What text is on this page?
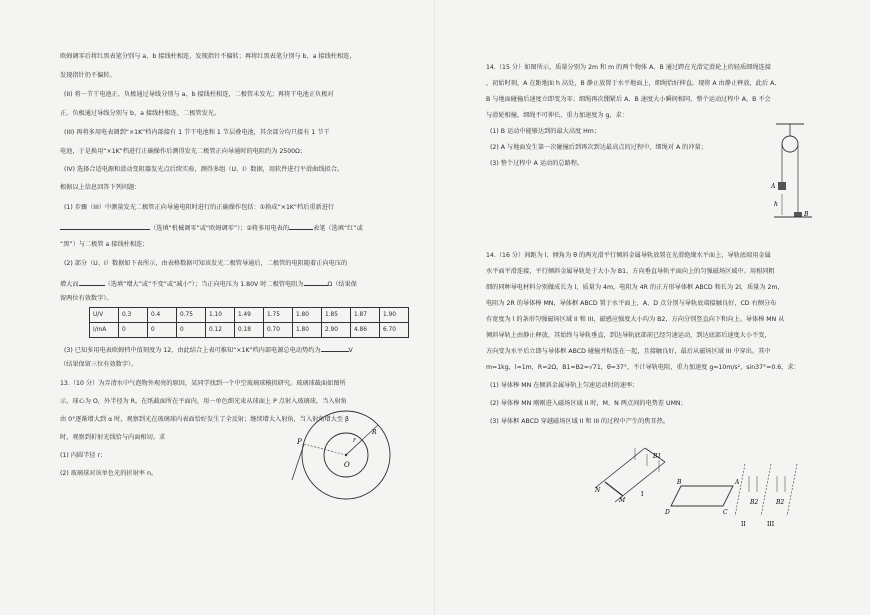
欧姆调零后将红黑表笔分别与 a、b 接线柱相连，发现指针不偏转；再将红黑表笔分别与 b、a 接线柱相连，
发现指针仍不偏转。
(II) 将一节干电池正、负极通过导线分别与 a、b 接线柱相连，二极管未发光；再将干电池正负极对
正、负极通过导线分别与 b、a 接线柱相连，二极管发光。
(III) 再将多用电表调到“×1K”档内部接有 1 节干电池和 1 节层叠电池，其余部分均只接有 1 节干
电池，于是换用“×1K”档进行正确操作后测得发光二极管正向导通时的电阻约为 2500Ω；
(IV) 选择合适电源和滑动变阻器发光点后续实验，测得多组（U、I）数据，用软件进行平滑曲线拟合。
根据以上信息回答下列问题：
(1) 步骤（III）中测量发光二极管正向导通电阻时进行的正确操作包括：①换成“×1K”档后重新进行
（选填“机械调零”或“欧姆调零”）；②将多用电表的	表笔（选填“红”或
“黑”）与二极管 a 接线柱相连；
(2) 部分（U、I）数据如下表所示，由表格数据可知该发光二极管导通后，二极管的电阻随着正向电压的
增大而	（选填“增大”或“不变”或“减小”）；当正向电压为 1.80V 时二极管电阻为	Ω（结果保
留两位有效数字）。
U/V	0.3	0.4	0.75	1.10	1.49	1.75	1.80	1.85	1.87	1.90
I/mA	0	0	0	0.12	0.18	0.70	1.80	2.90	4.86	6.70
(3) 已知多用电表欧姆档中值刻度为 12，由此结合上表可推知“×1K”档内部电源总电动势约为	V
（结果保留三位有效数字）。
13.（10 分）为弄清水中气泡物外观亮的原因，某同学找到一个中空玻璃球模拟研究。玻璃球截面如图所
示，球心为 O，外半径为 R。在纸截面所在平面内，用一单色细光束从球面上 P 点射入玻璃球，当入射角
由 0°逐渐增大到 α 时，观察到光在玻璃球内表面恰好发生了全反射；继续增大入射角，当入射角增大至 β
时，观察到折射光线恰与内面相切。求
(1) 内圆半径 r；
(2) 玻璃球对该单色光的折射率 n。
P
O
r
R
14.（15 分）如图所示，质量分别为 2m 和 m 的两个物体 A、B 通过跨在光滑定滑轮上的轻质细绳连接
，初始时刻，A 在距地面 h 高处，B 静止放置于水平地面上，细绳恰好伸直。现将 A 由静止释放，此后 A、
B 与地面碰撞后速度立即变为零；细绳再次绷紧后 A、B 速度大小瞬间相同，整个运动过程中 A、B 不会
与滑轮相撞，细绳不可伸长，重力加速度为 g，求：
(1) B 运动中能够达到的最大高度 Hm；
(2) A 与地面发生第一次碰撞后到再次到达最高点的过程中，细绳对 A 的冲量；
(3) 整个过程中 A 运动的总路程。
A
B
h
14.（16 分）间距为 l、倾角为 θ 的两光滑平行倾斜金属导轨放置在光滑绝缘水平面上，导轨底端用金属
水平面平滑连接，平行倾斜金属导轨处于大小为 B1，方向垂直导轨平面向上的匀强磁场区域中。用相同粗
细的同种导电材料分别做成长为 l，质量为 4m，电阻为 4R 的正方形导体框 ABCD 和长为 2l，质量为 2m，
电阻为 2R 的导体棒 MN，导体框 ABCD 置于水平面上，A、D 点分别与导轨底端接触良好，CD 右侧分布
有宽度为 l 的条形匀强磁场区域 II 和 III，磁感应强度大小均为 B2，方向分别竖直向下和向上。导体棒 MN 从
倾斜导轨上由静止释放，其始终与导轨垂直，到达导轨底部前已经匀速运动，到达底部后速度大小不变，
方向变为水平后立即与导体框 ABCD 碰撞并粘连在一起，且接触良好，最后从磁场区域 III 中穿出。其中
m=1kg，l=1m，R=2Ω，B1=B2=√71，θ=37°，不计导轨电阻，重力加速度 g=10m/s²，sin37°=0.6，求：
(1) 导体棒 MN 在倾斜金属导轨上匀速运动时的速率；
(2) 导体棒 MN 刚刚进入磁场区域 II 时，M、N 两点间的电势差 UMN；
(3) 导体框 ABCD 穿越磁场区域 II 和 III 的过程中产生的焦耳热。
M
N
B1
A
B
C
D
I
II	III
B2	B2
